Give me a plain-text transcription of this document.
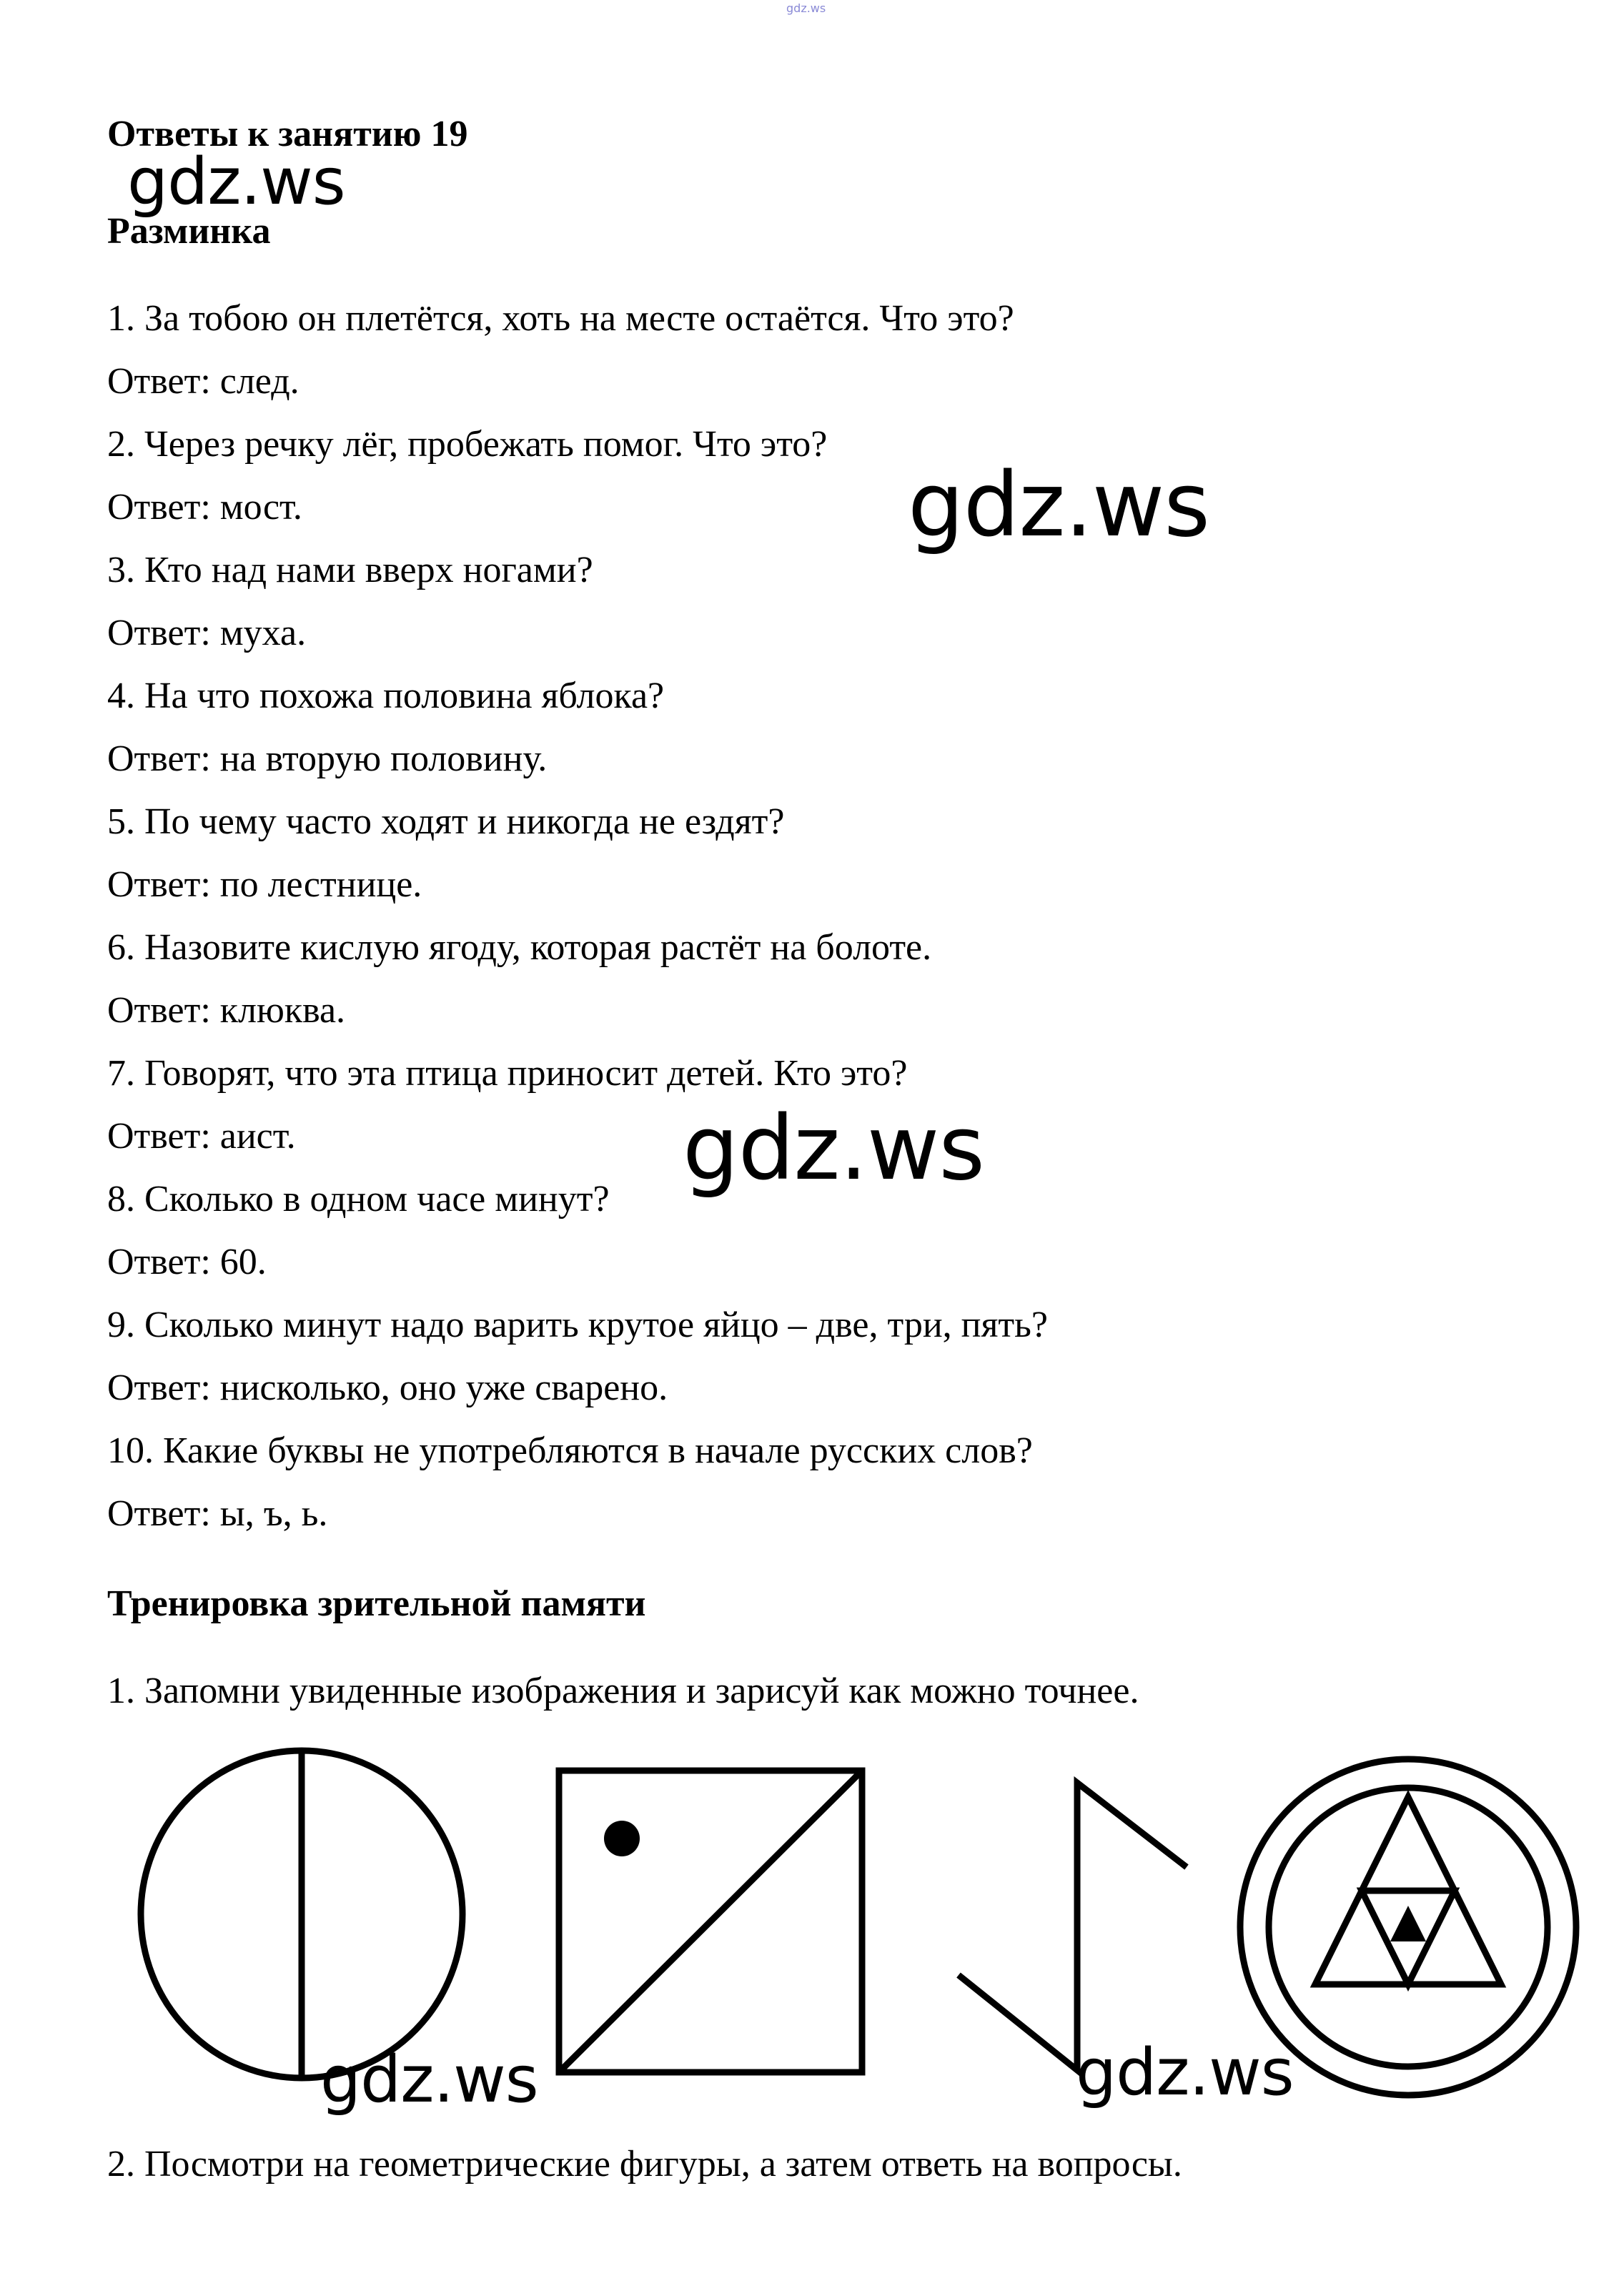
gdz.ws
Ответы к занятию 19
Разминка
1. За тобою он плетётся, хоть на месте остаётся. Что это?
Ответ: след.
2. Через речку лёг, пробежать помог. Что это?
Ответ: мост.
3. Кто над нами вверх ногами?
Ответ: муха.
4. На что похожа половина яблока?
Ответ: на вторую половину.
5. По чему часто ходят и никогда не ездят?
Ответ: по лестнице.
6. Назовите кислую ягоду, которая растёт на болоте.
Ответ: клюква.
7. Говорят, что эта птица приносит детей. Кто это?
Ответ: аист.
8. Сколько в одном часе минут?
Ответ: 60.
9. Сколько минут надо варить крутое яйцо – две, три, пять?
Ответ: нисколько, оно уже сварено.
10. Какие буквы не употребляются в начале русских слов?
Ответ: ы, ъ, ь.
Тренировка зрительной памяти
1. Запомни увиденные изображения и зарисуй как можно точнее.
2. Посмотри на геометрические фигуры, а затем ответь на вопросы.
gdz.ws
gdz.ws
gdz.ws
gdz.ws	gdz.ws
